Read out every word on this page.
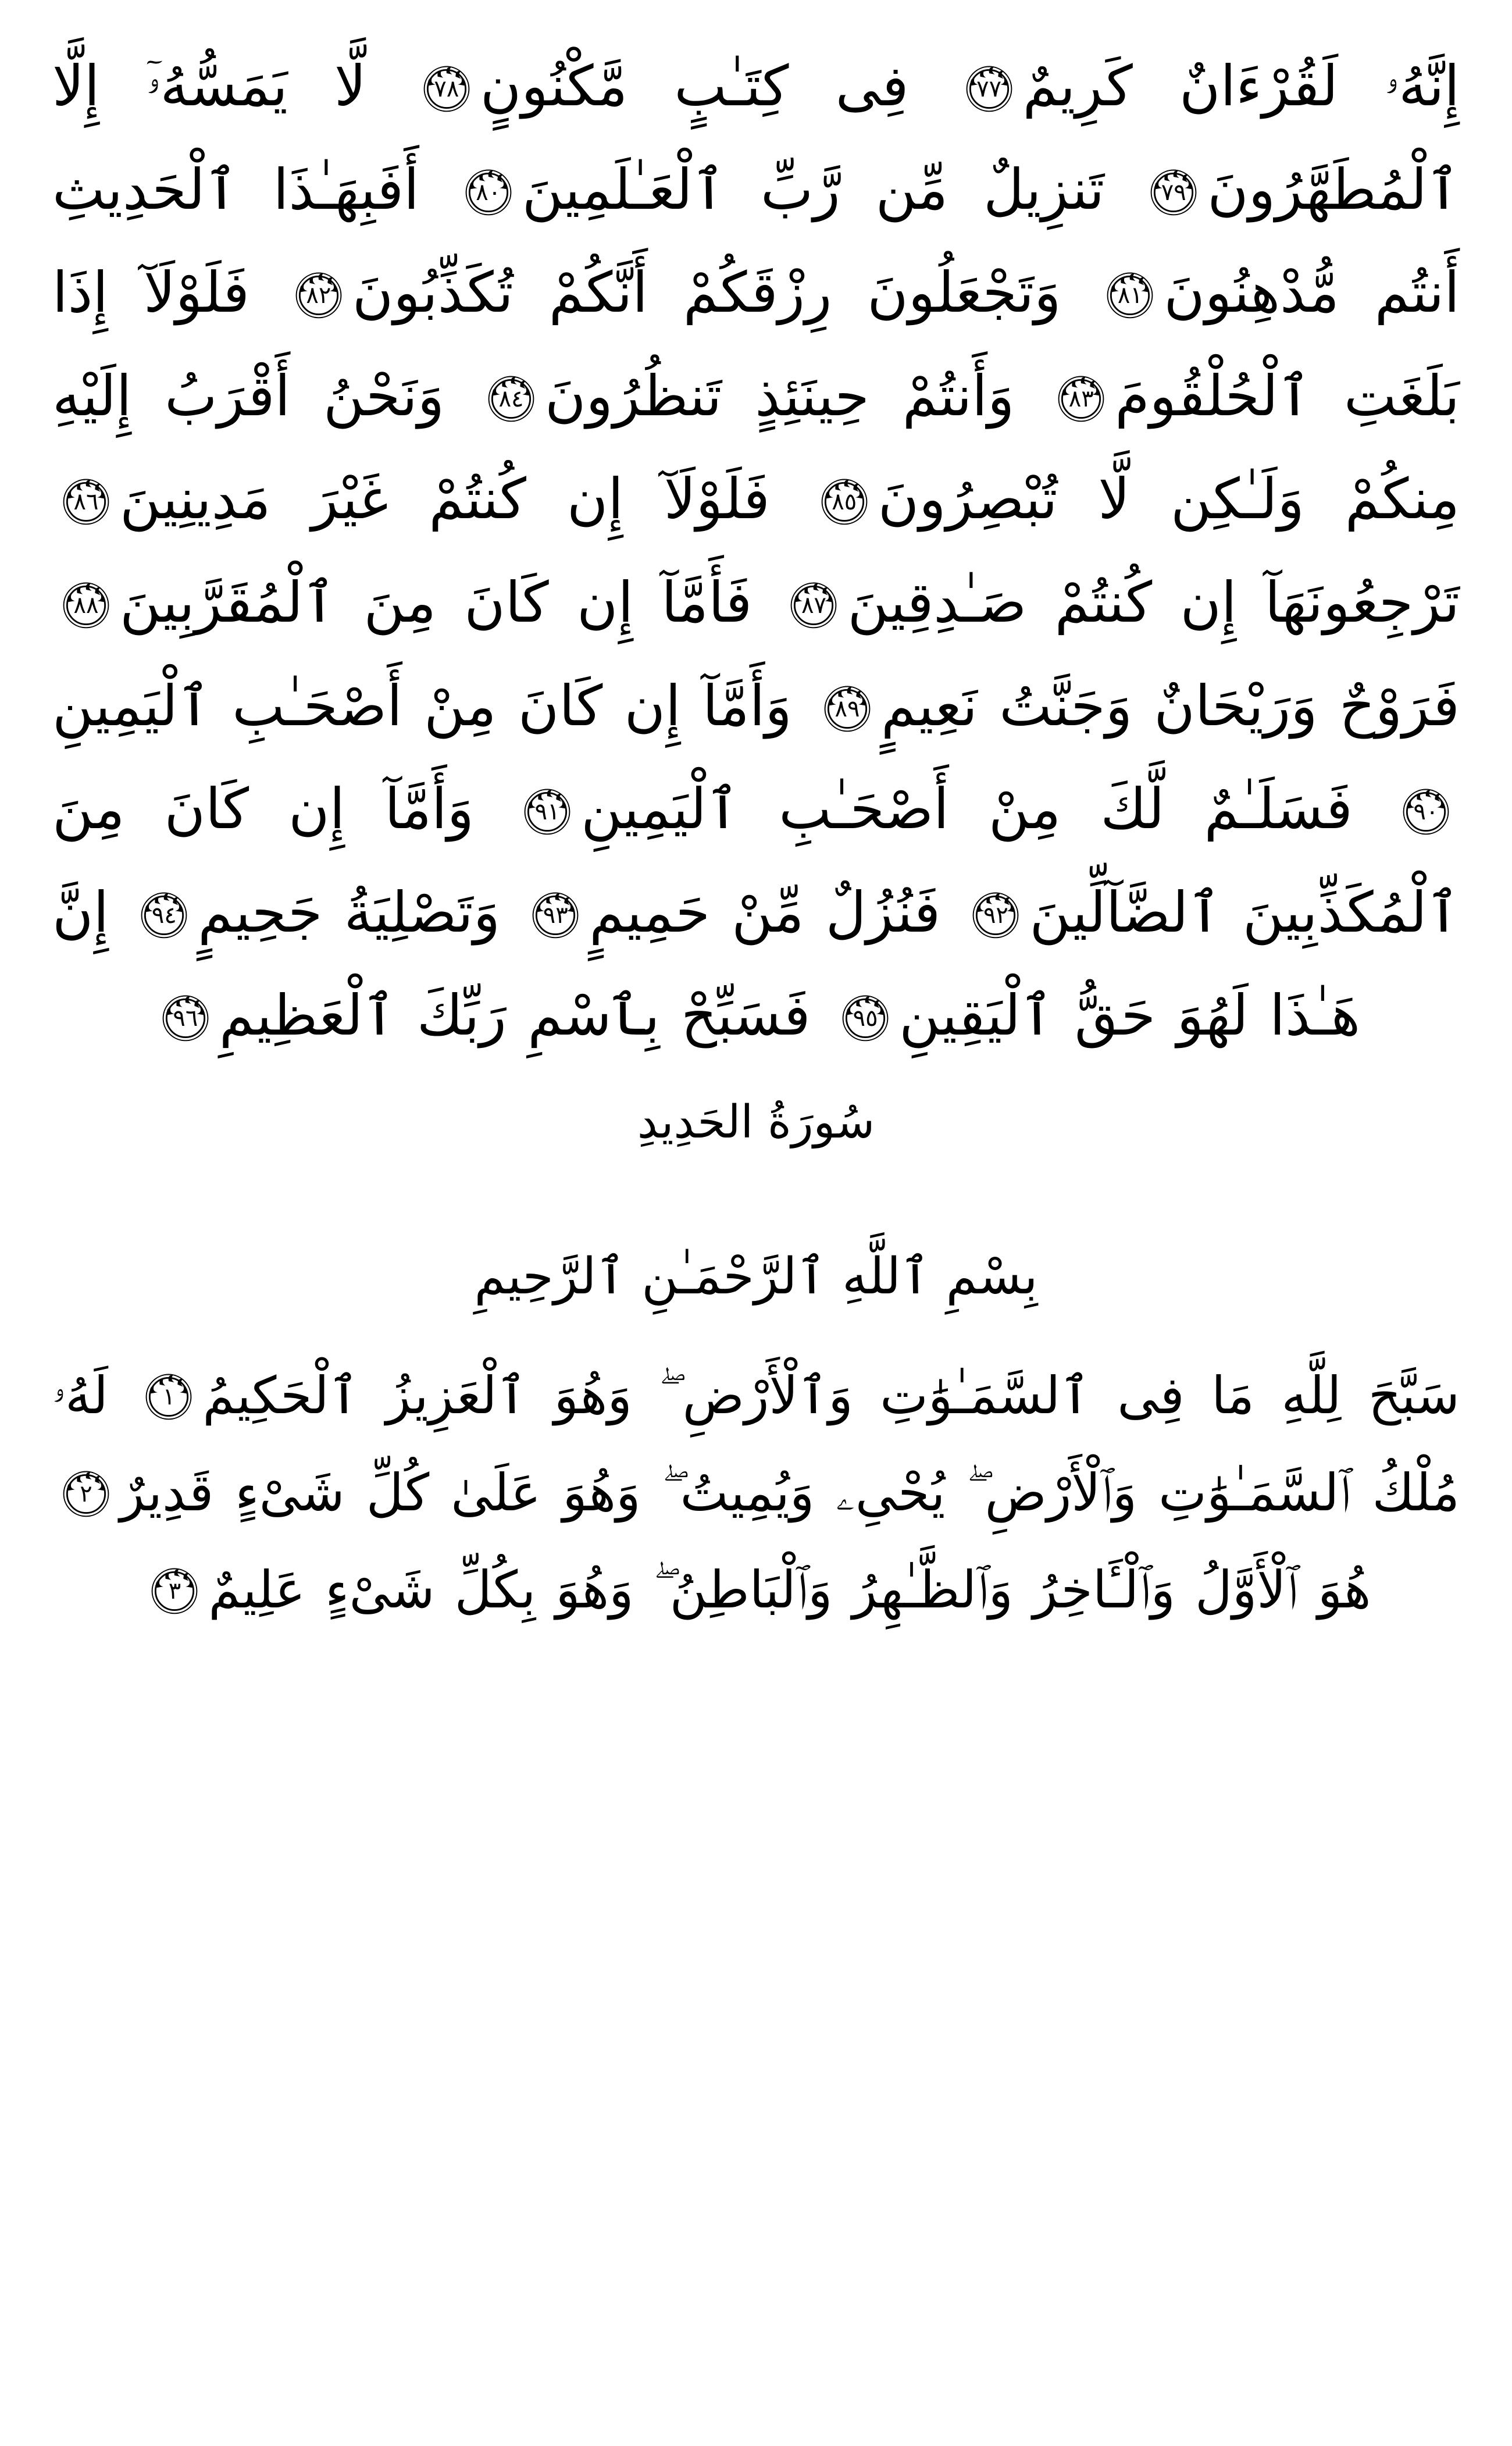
إِنَّهُۥ لَقُرْءَانٌ كَرِيمٌ
٧٧
فِى كِتَـٰبٍ مَّكْنُونٍ
٧٨
لَّا يَمَسُّهُۥٓ إِلَّا ٱلْمُطَهَّرُونَ
٧٩
تَنزِيلٌ مِّن رَّبِّ ٱلْعَـٰلَمِينَ
٨٠
أَفَبِهَـٰذَا ٱلْحَدِيثِ أَنتُم مُّدْهِنُونَ
٨١
وَتَجْعَلُونَ رِزْقَكُمْ أَنَّكُمْ تُكَذِّبُونَ
٨٢
فَلَوْلَآ إِذَا بَلَغَتِ ٱلْحُلْقُومَ
٨٣
وَأَنتُمْ حِينَئِذٍ تَنظُرُونَ
٨٤
وَنَحْنُ أَقْرَبُ إِلَيْهِ مِنكُمْ وَلَـٰكِن لَّا تُبْصِرُونَ
٨٥
فَلَوْلَآ إِن كُنتُمْ غَيْرَ مَدِينِينَ
٨٦
تَرْجِعُونَهَآ إِن كُنتُمْ صَـٰدِقِينَ
٨٧
فَأَمَّآ إِن كَانَ مِنَ ٱلْمُقَرَّبِينَ
٨٨
فَرَوْحٌ وَرَيْحَانٌ وَجَنَّتُ نَعِيمٍ
٨٩
وَأَمَّآ إِن كَانَ مِنْ أَصْحَـٰبِ ٱلْيَمِينِ
٩٠
فَسَلَـٰمٌ لَّكَ مِنْ أَصْحَـٰبِ ٱلْيَمِينِ
٩١
وَأَمَّآ إِن كَانَ مِنَ ٱلْمُكَذِّبِينَ ٱلضَّآلِّينَ
٩٢
فَنُزُلٌ مِّنْ حَمِيمٍ
٩٣
وَتَصْلِيَةُ جَحِيمٍ
٩٤
إِنَّ هَـٰذَا لَهُوَ حَقُّ ٱلْيَقِينِ
٩٥
فَسَبِّحْ بِٱسْمِ رَبِّكَ ٱلْعَظِيمِ
٩٦
سُورَةُ الحَدِيدِ
بِسْمِ ٱللَّهِ ٱلرَّحْمَـٰنِ ٱلرَّحِيمِ
سَبَّحَ لِلَّهِ مَا فِى ٱلسَّمَـٰوَٰتِ وَٱلْأَرْضِ ۖ وَهُوَ ٱلْعَزِيزُ ٱلْحَكِيمُ
١
لَهُۥ مُلْكُ ٱلسَّمَـٰوَٰتِ وَٱلْأَرْضِ ۖ يُحْىِۦ وَيُمِيتُ ۖ وَهُوَ عَلَىٰ كُلِّ شَىْءٍ قَدِيرٌ
٢
هُوَ ٱلْأَوَّلُ وَٱلْـَٔاخِرُ وَٱلظَّـٰهِرُ وَٱلْبَاطِنُ ۖ وَهُوَ بِكُلِّ شَىْءٍ عَلِيمٌ
٣
